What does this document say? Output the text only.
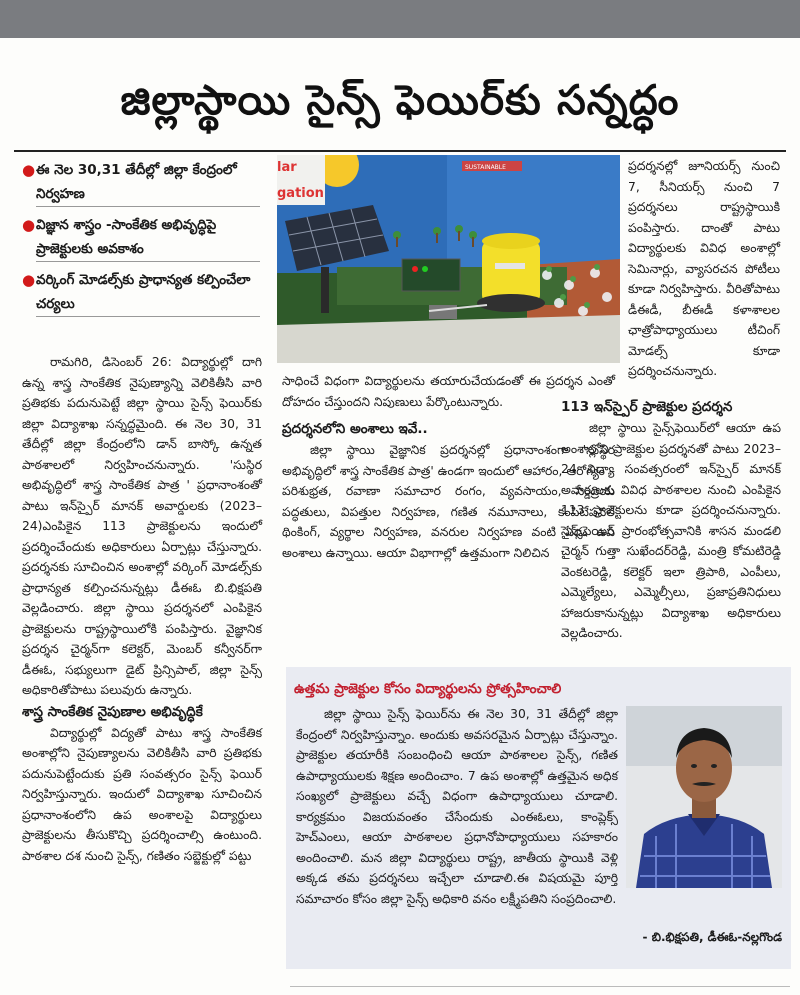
జిల్లాస్థాయి సైన్స్ ఫెయిర్‌కు సన్నద్ధం
● ఈ నెల 30,31 తేదీల్లో జిల్లా కేంద్రంలో నిర్వహణ
● విజ్ఞాన శాస్త్రం -సాంకేతిక అభివృద్ధిపై ప్రాజెక్టులకు అవకాశం
● వర్కింగ్ మోడల్స్‌కు ప్రాధాన్యత కల్పించేలా చర్యలు

రామగిరి, డిసెంబర్ 26: విద్యార్థుల్లో దాగి ఉన్న శాస్త్ర సాంకేతిక నైపుణ్యాన్ని వెలికితీసి వారి ప్రతిభకు పదునుపెట్టే జిల్లా స్థాయి సైన్స్ ఫెయిర్‌కు జిల్లా విద్యాశాఖ సన్నద్ధమైంది. ఈ నెల 30, 31 తేదీల్లో జిల్లా కేంద్రంలోని డాన్ బాస్కో ఉన్నత పాఠశాలలో నిర్వహించనున్నారు. 'సుస్థిర అభివృద్ధిలో శాస్త్ర సాంకేతిక పాత్ర ' ప్రధానాంశంతో పాటు ఇన్‌స్పైర్ మానక్ అవార్డులకు (2023–24)ఎంపికైన 113 ప్రాజెక్టులను ఇందులో ప్రదర్శించేందుకు అధికారులు ఏర్పాట్లు చేస్తున్నారు. ప్రదర్శనకు సూచించిన అంశాల్లో వర్కింగ్ మోడల్స్‌కు ప్రాధాన్యత కల్పించనున్నట్లు డీఈఓ బి.భిక్షపతి వెల్లడించారు. జిల్లా స్థాయి ప్రదర్శనలో ఎంపికైన ప్రాజెక్టులను రాష్ట్రస్థాయిలోకి పంపిస్తారు. వైజ్ఞానిక ప్రదర్శన చైర్మన్‌గా కలెక్టర్, మెంబర్ కన్వీనర్‌గా డీఈఓ, సభ్యులుగా డైట్ ప్రిన్సిపాల్, జిల్లా సైన్స్ అధికారితోపాటు పలువురు ఉన్నారు.

శాస్త్ర సాంకేతిక నైపుణాల అభివృద్ధికే

విద్యార్థుల్లో విద్యతో పాటు శాస్త్ర సాంకేతిక అంశాల్లోని నైపుణ్యాలను వెలికితీసి వారి ప్రతిభకు పదునుపెట్టేందుకు ప్రతి సంవత్సరం సైన్స్ ఫెయిర్ నిర్వహిస్తున్నారు. ఇందులో విద్యాశాఖ సూచించిన ప్రధానాంశంలోని ఉప అంశాలపై విద్యార్థులు ప్రాజెక్టులను తీసుకొచ్చి ప్రదర్శించాల్సి ఉంటుంది. పాఠశాల దశ నుంచి సైన్స్, గణితం సబ్జెక్టుల్లో పట్టు

lar
gation
SUSTAINABLE

సాధించే విధంగా విద్యార్థులను తయారుచేయడంతో ఈ ప్రదర్శన ఎంతో దోహదం చేస్తుందని నిపుణులు పేర్కొంటున్నారు.

ప్రదర్శనలోని అంశాలు ఇవే..

జిల్లా స్థాయి వైజ్ఞానిక ప్రదర్శనల్లో ప్రధానాంశంగా 'సుస్థిర అభివృద్ధిలో శాస్త్ర సాంకేతిక పాత్ర' ఉండగా ఇందులో ఆహారం, ఆరోగ్యం – పరిశుభ్రత, రవాణా సమాచార రంగం, వ్యవసాయం, సేంద్రియ పద్ధతులు, విపత్తుల నిర్వహణ, గణిత నమూనాలు, కంపిటేషనల్ థింకింగ్, వ్యర్థాల నిర్వహణ, వనరుల నిర్వహణ వంటి ఏడు ఉప అంశాలు ఉన్నాయి. ఆయా విభాగాల్లో ఉత్తమంగా నిలిచిన

ప్రదర్శనల్లో జూనియర్స్ నుంచి 7, సీనియర్స్ నుంచి 7 ప్రదర్శనలు రాష్ట్రస్థాయికి పంపిస్తారు. దాంతో పాటు విద్యార్థులకు వివిధ అంశాల్లో సెమినార్లు, వ్యాసరచన పోటీలు కూడా నిర్వహిస్తారు. వీరితోపాటు డీఈడీ, బీఈడీ కళాశాలల ఛాత్రోపాధ్యాయులు టీచింగ్ మోడల్స్ కూడా ప్రదర్శించనున్నారు.

113 ఇన్‌స్పైర్ ప్రాజెక్టుల ప్రదర్శన

జిల్లా స్థాయి సైన్స్‌ఫెయిర్‌లో ఆయా ఉప అంశాల్లోని ప్రాజెక్టుల ప్రదర్శనతో పాటు 2023–24 విద్యా సంవత్సరంలో ఇన్‌స్పైర్ మానక్ అవార్డులకు వివిధ పాఠశాలల నుంచి ఎంపికైన 113 ప్రాజెక్టులను కూడా ప్రదర్శించనున్నారు. సైన్స్‌ఫెయిర్ ప్రారంభోత్సవానికి శాసన మండలి చైర్మన్ గుత్తా సుఖేందర్‌రెడ్డి, మంత్రి కోమటిరెడ్డి వెంకటరెడ్డి, కలెక్టర్ ఇలా త్రిపాఠి, ఎంపీలు, ఎమ్మెల్యేలు, ఎమ్మెల్సీలు, ప్రజాప్రతినిధులు హాజరుకానున్నట్లు విద్యాశాఖ అధికారులు వెల్లడించారు.

ఉత్తమ ప్రాజెక్టుల కోసం విద్యార్థులను ప్రోత్సహించాలి

జిల్లా స్థాయి సైన్స్ ఫెయిర్‌ను ఈ నెల 30, 31 తేదీల్లో జిల్లా కేంద్రంలో నిర్వహిస్తున్నాం. అందుకు అవసరమైన ఏర్పాట్లు చేస్తున్నాం. ప్రాజెక్టుల తయారీకి సంబంధించి ఆయా పాఠశాలల సైన్స్, గణిత ఉపాధ్యాయులకు శిక్షణ అందించాం. 7 ఉప అంశాల్లో ఉత్తమైన అధిక సంఖ్యలో ప్రాజెక్టులు వచ్చే విధంగా ఉపాధ్యాయులు చూడాలి. కార్యక్రమం విజయవంతం చేసేందుకు ఎంఈఓలు, కాంప్లెక్స్ హెచ్‌ఎంలు, ఆయా పాఠశాలల ప్రధానోపాధ్యాయులు సహకారం అందించాలి. మన జిల్లా విద్యార్థులు రాష్ట్ర, జాతీయ స్థాయికి వెళ్లి అక్కడ తమ ప్రదర్శనలు ఇచ్చేలా చూడాలి.ఈ విషయమై పూర్తి సమాచారం కోసం జిల్లా సైన్స్ అధికారి వనం లక్ష్మీపతిని సంప్రదించాలి.

- బి.భిక్షపతి, డీఈఓ-నల్లగొండ
